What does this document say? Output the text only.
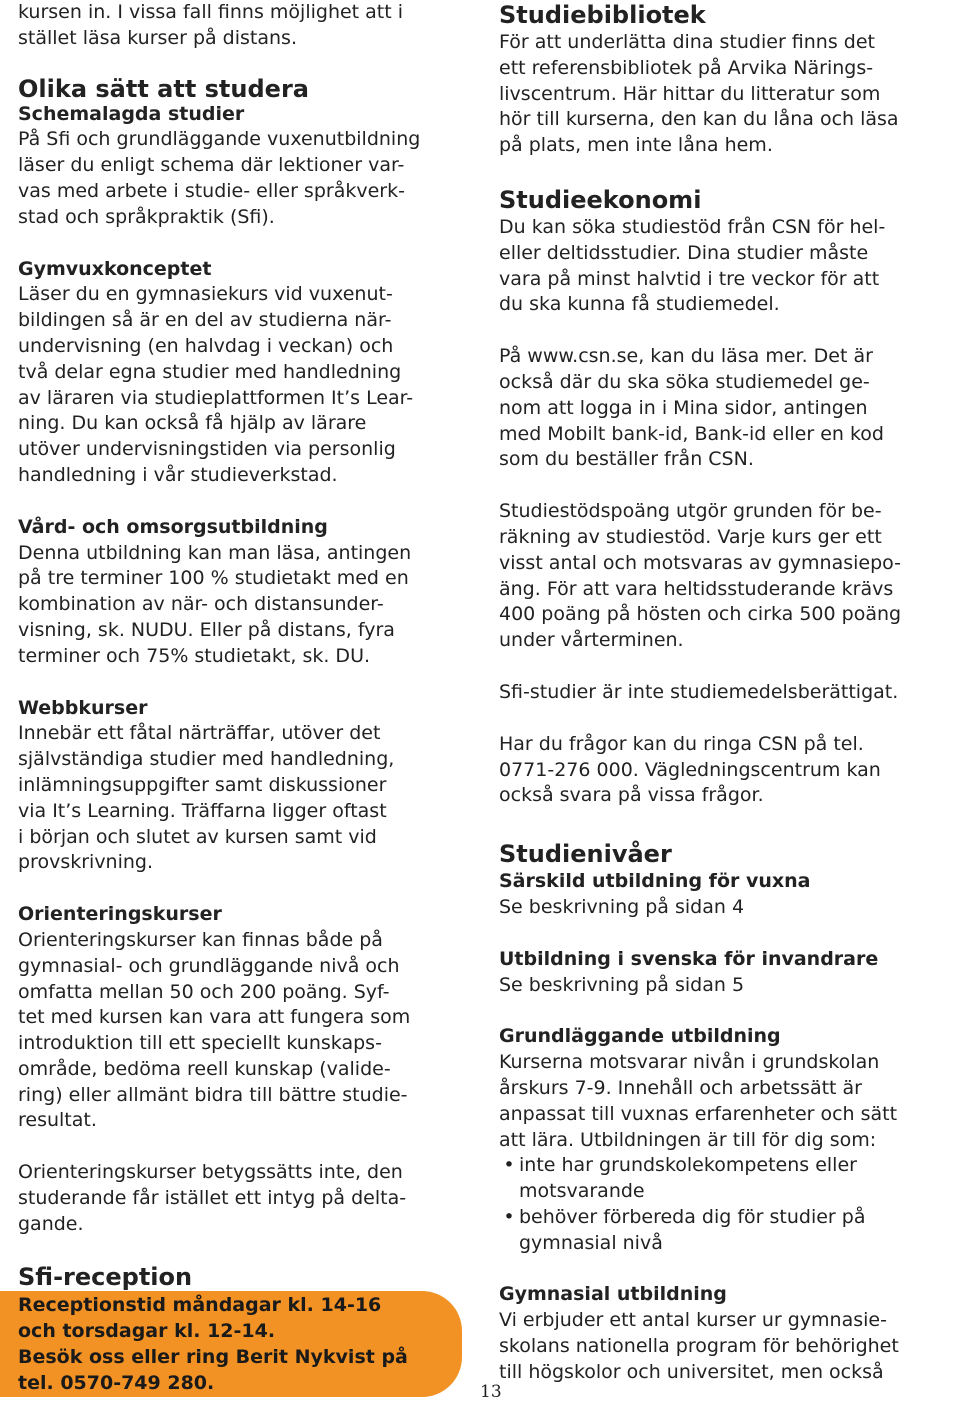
kursen in. I vissa fall finns möjlighet att i
stället läsa kurser på distans.
Olika sätt att studera
Schemalagda studier
På Sfi och grundläggande vuxenutbildning
läser du enligt schema där lektioner var-
vas med arbete i studie- eller språkverk-
stad och språkpraktik (Sfi).
Gymvuxkonceptet
Läser du en gymnasiekurs vid vuxenut-
bildingen så är en del av studierna när-
undervisning (en halvdag i veckan) och
två delar egna studier med handledning
av läraren via studieplattformen It’s Lear-
ning. Du kan också få hjälp av lärare
utöver undervisningstiden via personlig
handledning i vår studieverkstad.
Vård- och omsorgsutbildning
Denna utbildning kan man läsa, antingen
på tre terminer 100 % studietakt med en
kombination av när- och distansunder-
visning, sk. NUDU. Eller på distans, fyra
terminer och 75% studietakt, sk. DU.
Webbkurser
Innebär ett fåtal närträffar, utöver det
självständiga studier med handledning,
inlämningsuppgifter samt diskussioner
via It’s Learning. Träffarna ligger oftast
i början och slutet av kursen samt vid
provskrivning.
Orienteringskurser
Orienteringskurser kan finnas både på
gymnasial- och grundläggande nivå och
omfatta mellan 50 och 200 poäng. Syf-
tet med kursen kan vara att fungera som
introduktion till ett speciellt kunskaps-
område, bedöma reell kunskap (valide-
ring) eller allmänt bidra till bättre studie-
resultat.
Orienteringskurser betygssätts inte, den
studerande får istället ett intyg på delta-
gande.
Sfi-reception
Receptionstid måndagar kl. 14-16
och torsdagar kl. 12-14.
Besök oss eller ring Berit Nykvist på
tel. 0570-749 280.
Studiebibliotek
För att underlätta dina studier finns det
ett referensbibliotek på Arvika Närings-
livscentrum. Här hittar du litteratur som
hör till kurserna, den kan du låna och läsa
på plats, men inte låna hem.
Studieekonomi
Du kan söka studiestöd från CSN för hel-
eller deltidsstudier. Dina studier måste
vara på minst halvtid i tre veckor för att
du ska kunna få studiemedel.
På www.csn.se, kan du läsa mer. Det är
också där du ska söka studiemedel ge-
nom att logga in i Mina sidor, antingen
med Mobilt bank-id, Bank-id eller en kod
som du beställer från CSN.
Studiestödspoäng utgör grunden för be-
räkning av studiestöd. Varje kurs ger ett
visst antal och motsvaras av gymnasiepo-
äng. För att vara heltidsstuderande krävs
400 poäng på hösten och cirka 500 poäng
under vårterminen.
Sfi-studier är inte studiemedelsberättigat.
Har du frågor kan du ringa CSN på tel.
0771-276 000. Vägledningscentrum kan
också svara på vissa frågor.
Studienivåer
Särskild utbildning för vuxna
Se beskrivning på sidan 4
Utbildning i svenska för invandrare
Se beskrivning på sidan 5
Grundläggande utbildning
Kurserna motsvarar nivån i grundskolan
årskurs 7-9. Innehåll och arbetssätt är
anpassat till vuxnas erfarenheter och sätt
att lära. Utbildningen är till för dig som:
• inte har grundskolekompetens eller
motsvarande
• behöver förbereda dig för studier på
gymnasial nivå
Gymnasial utbildning
Vi erbjuder ett antal kurser ur gymnasie-
skolans nationella program för behörighet
till högskolor och universitet, men också
13
